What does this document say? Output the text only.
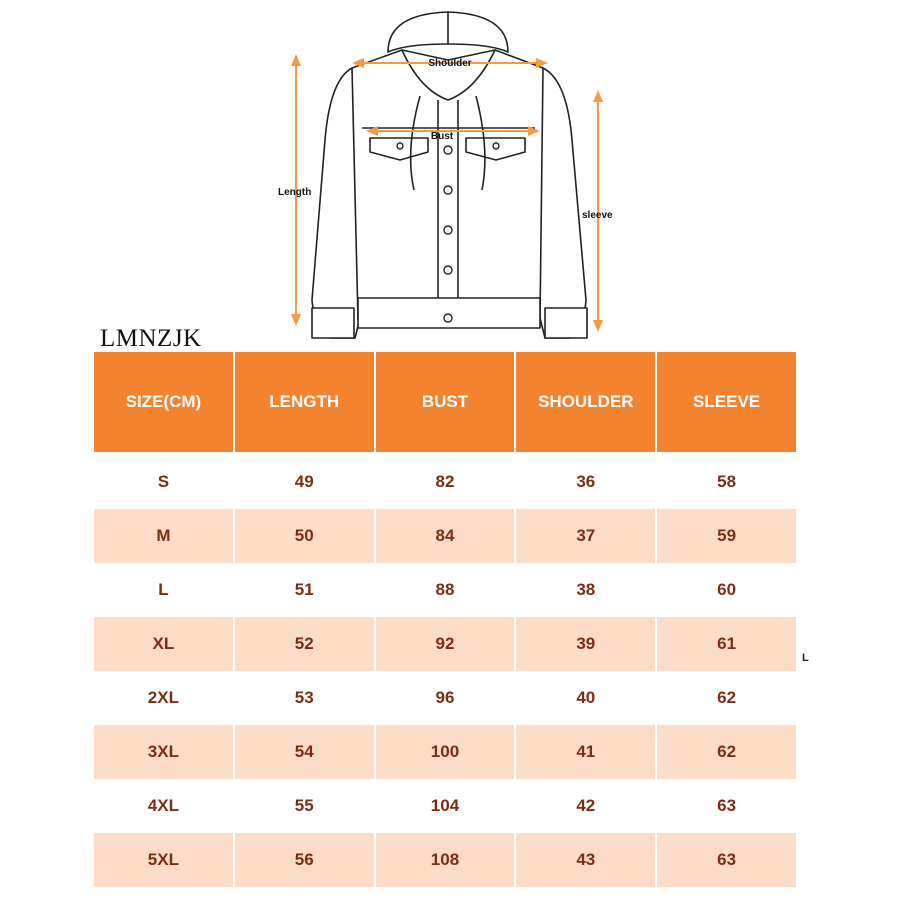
Shoulder
Bust
Length
sleeve
LMNZJK
L
SIZE(CM)	LENGTH	BUST	SHOULDER	SLEEVE
S	49	82	36	58
M	50	84	37	59
L	51	88	38	60
XL	52	92	39	61
2XL	53	96	40	62
3XL	54	100	41	62
4XL	55	104	42	63
5XL	56	108	43	63
